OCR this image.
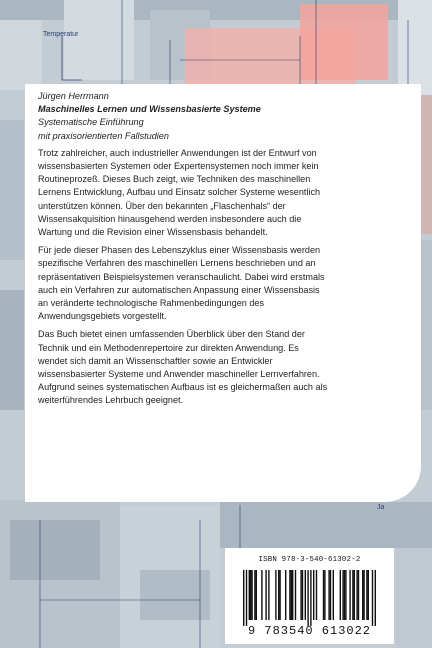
Temperatur
Ja

Jürgen Herrmann

Maschinelles Lernen und Wissensbasierte Systeme

Systematische Einführung

mit praxisorientierten Fallstudien

Trotz zahlreicher, auch industrieller Anwendungen ist der Entwurf von wissensbasierten Systemen oder Expertensystemen noch immer kein Routineprozeß. Dieses Buch zeigt, wie Techniken des maschinellen Lernens Entwicklung, Aufbau und Einsatz solcher Systeme wesentlich unterstützen können. Über den bekannten „Flaschenhals“ der Wissensakquisition hinausgehend werden insbesondere auch die Wartung und die Revision einer Wissensbasis behandelt.

Für jede dieser Phasen des Lebenszyklus einer Wissensbasis werden spezifische Verfahren des maschinellen Lernens beschrieben und an repräsentativen Beispielsystemen veranschaulicht. Dabei wird erstmals auch ein Verfahren zur automatischen Anpassung einer Wissensbasis an veränderte technologische Rahmenbedingungen des Anwendungsgebiets vorgestellt.

Das Buch bietet einen umfassenden Überblick über den Stand der Technik und ein Methodenrepertoire zur direkten Anwendung. Es wendet sich damit an Wissenschaftler sowie an Entwickler wissensbasierter Systeme und Anwender maschineller Lernverfahren. Aufgrund seines systematischen Aufbaus ist es gleichermaßen auch als weiterführendes Lehrbuch geeignet.

ISBN 978-3-540-61302-2
9 783540 613022
